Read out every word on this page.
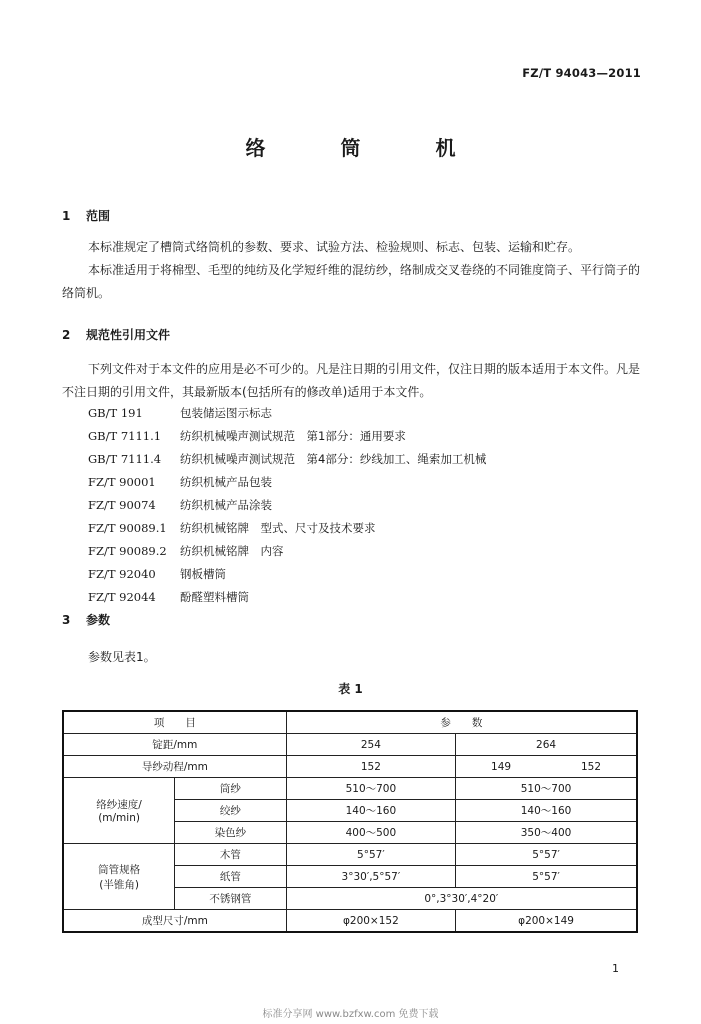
FZ/T 94043—2011
络 筒 机
1 范围
本标准规定了槽筒式络筒机的参数、要求、试验方法、检验规则、标志、包装、运输和贮存。
本标准适用于将棉型、毛型的纯纺及化学短纤维的混纺纱，络制成交叉卷绕的不同锥度筒子、平行筒子的络筒机。
2 规范性引用文件
下列文件对于本文件的应用是必不可少的。凡是注日期的引用文件，仅注日期的版本适用于本文件。凡是不注日期的引用文件，其最新版本(包括所有的修改单)适用于本文件。
GB/T 191	包装储运图示标志
GB/T 7111.1 纺织机械噪声测试规范　第1部分：通用要求
GB/T 7111.4 纺织机械噪声测试规范　第4部分：纱线加工、绳索加工机械
FZ/T 90001 纺织机械产品包装
FZ/T 90074 纺织机械产品涂装
FZ/T 90089.1 纺织机械铭牌　型式、尺寸及技术要求
FZ/T 90089.2 纺织机械铭牌　内容
FZ/T 92040 钢板槽筒
FZ/T 92044 酚醛塑料槽筒
3 参数
参数见表1。
表 1
项　　目		参　　数	
锭距/mm		254	264
导纱动程/mm		152	149 152

络纱速度/
(m/min)	筒纱	510～700	510～700
	绞纱	140～160	140～160
	染色纱	400～500	350～400

筒管规格
(半锥角)	木管	5°57′	5°57′
	纸管	3°30′,5°57′	5°57′
	不锈钢管	0°,3°30′,4°20′	
成型尺寸/mm		φ200×152	φ200×149
1
标准分享网 www.bzfxw.com 免费下载
